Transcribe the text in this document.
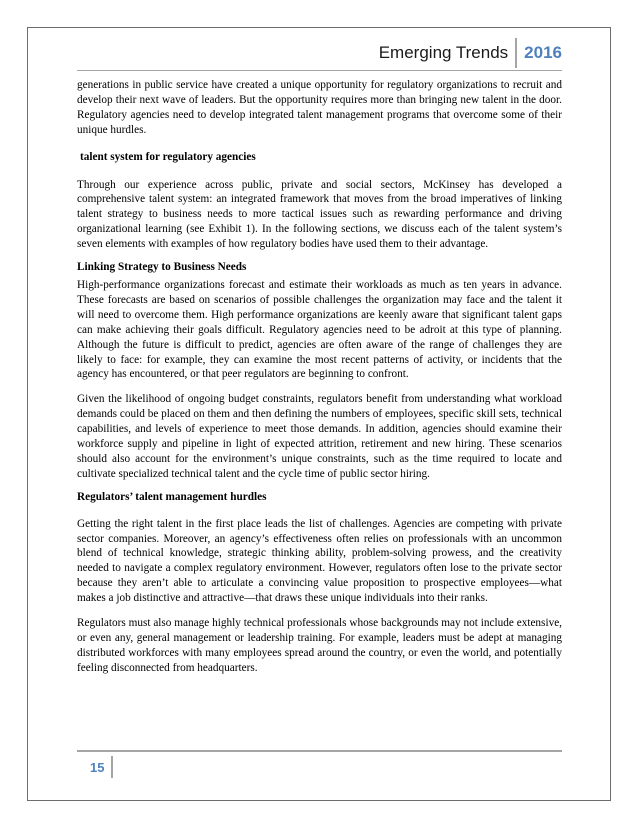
Emerging Trends 2016

generations in public service have created a unique opportunity for regulatory organizations to recruit and develop their next wave of leaders. But the opportunity requires more than bringing new talent in the door. Regulatory agencies need to develop integrated talent management programs that overcome some of their unique hurdles.

talent system for regulatory agencies

Through our experience across public, private and social sectors, McKinsey has developed a comprehensive talent system: an integrated framework that moves from the broad imperatives of linking talent strategy to business needs to more tactical issues such as rewarding performance and driving organizational learning (see Exhibit 1). In the following sections, we discuss each of the talent system’s seven elements with examples of how regulatory bodies have used them to their advantage.

Linking Strategy to Business Needs

High-performance organizations forecast and estimate their workloads as much as ten years in advance. These forecasts are based on scenarios of possible challenges the organization may face and the talent it will need to overcome them. High performance organizations are keenly aware that significant talent gaps can make achieving their goals difficult. Regulatory agencies need to be adroit at this type of planning. Although the future is difficult to predict, agencies are often aware of the range of challenges they are likely to face: for example, they can examine the most recent patterns of activity, or incidents that the agency has encountered, or that peer regulators are beginning to confront.

Given the likelihood of ongoing budget constraints, regulators benefit from understanding what workload demands could be placed on them and then defining the numbers of employees, specific skill sets, technical capabilities, and levels of experience to meet those demands. In addition, agencies should examine their workforce supply and pipeline in light of expected attrition, retirement and new hiring. These scenarios should also account for the environment’s unique constraints, such as the time required to locate and cultivate specialized technical talent and the cycle time of public sector hiring.

Regulators’ talent management hurdles

Getting the right talent in the first place leads the list of challenges. Agencies are competing with private sector companies. Moreover, an agency’s effectiveness often relies on professionals with an uncommon blend of technical knowledge, strategic thinking ability, problem-solving prowess, and the creativity needed to navigate a complex regulatory environment. However, regulators often lose to the private sector because they aren’t able to articulate a convincing value proposition to prospective employees—what makes a job distinctive and attractive—that draws these unique individuals into their ranks.

Regulators must also manage highly technical professionals whose backgrounds may not include extensive, or even any, general management or leadership training. For example, leaders must be adept at managing distributed workforces with many employees spread around the country, or even the world, and potentially feeling disconnected from headquarters.

15
